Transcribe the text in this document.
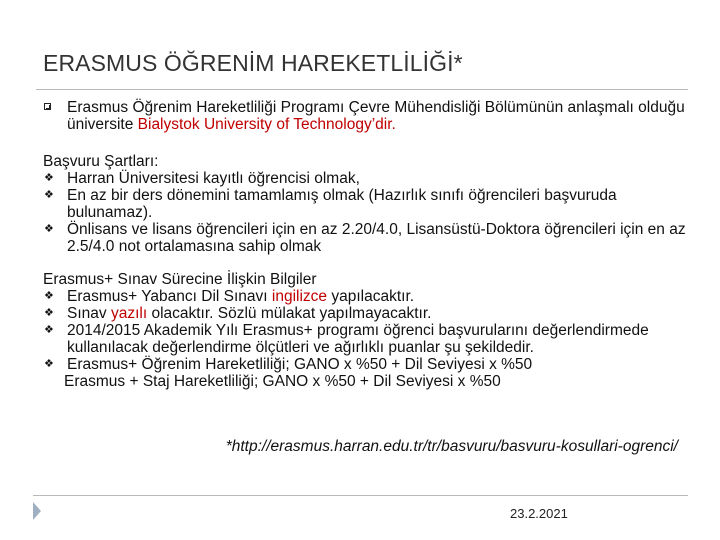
ERASMUS ÖĞRENİM HAREKETLİLİĞİ*
Erasmus Öğrenim Hareketliliği Programı Çevre Mühendisliği Bölümünün anlaşmalı olduğu üniversite Bialystok University of Technology’dir.
Başvuru Şartları:
❖ Harran Üniversitesi kayıtlı öğrencisi olmak,
❖ En az bir ders dönemini tamamlamış olmak (Hazırlık sınıfı öğrencileri başvuruda bulunamaz).
❖ Önlisans ve lisans öğrencileri için en az 2.20/4.0, Lisansüstü-Doktora öğrencileri için en az 2.5/4.0 not ortalamasına sahip olmak
Erasmus+ Sınav Sürecine İlişkin Bilgiler
❖ Erasmus+ Yabancı Dil Sınavı ingilizce yapılacaktır.
❖ Sınav yazılı olacaktır. Sözlü mülakat yapılmayacaktır.
❖ 2014/2015 Akademik Yılı Erasmus+ programı öğrenci başvurularını değerlendirmede kullanılacak değerlendirme ölçütleri ve ağırlıklı puanlar şu şekildedir.
❖ Erasmus+ Öğrenim Hareketliliği; GANO x %50 + Dil Seviyesi x %50
Erasmus + Staj Hareketliliği; GANO x %50 + Dil Seviyesi x %50
*http://erasmus.harran.edu.tr/tr/basvuru/basvuru-kosullari-ogrenci/
23.2.2021
